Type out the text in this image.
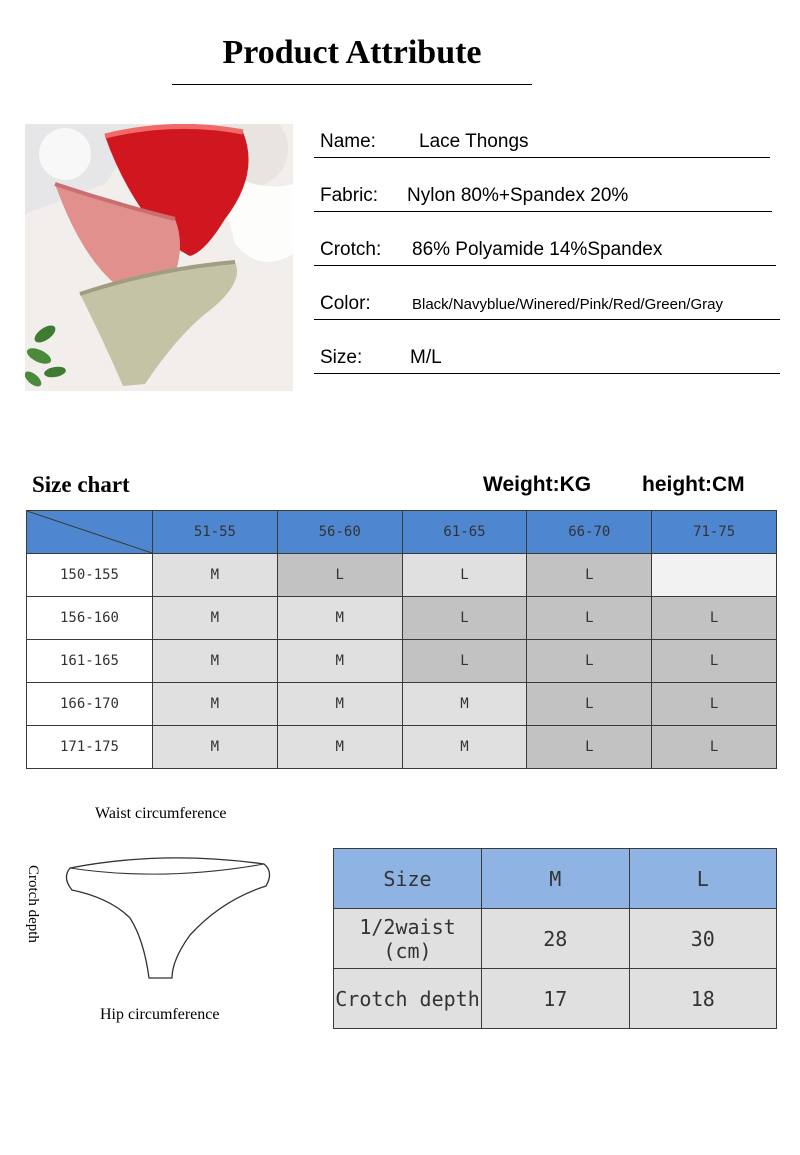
Product Attribute
Name: Lace Thongs
Fabric: Nylon 80%+Spandex 20%
Crotch: 86% Polyamide 14%Spandex
Color:	Black/Navyblue/Winered/Pink/Red/Green/Gray
Size:	M/L
Size chart	Weight:KG height:CM
	51-55	56-60	61-65	66-70	71-75
150-155	M	L	L	L	
156-160	M	M	L	L	L
161-165	M	M	L	L	L
166-170	M	M	M	L	L
171-175	M	M	M	L	L
Waist circumference
Crotch depth
Hip circumference
Size	M	L
1/2waist (cm)	28	30
Crotch depth	17	18
